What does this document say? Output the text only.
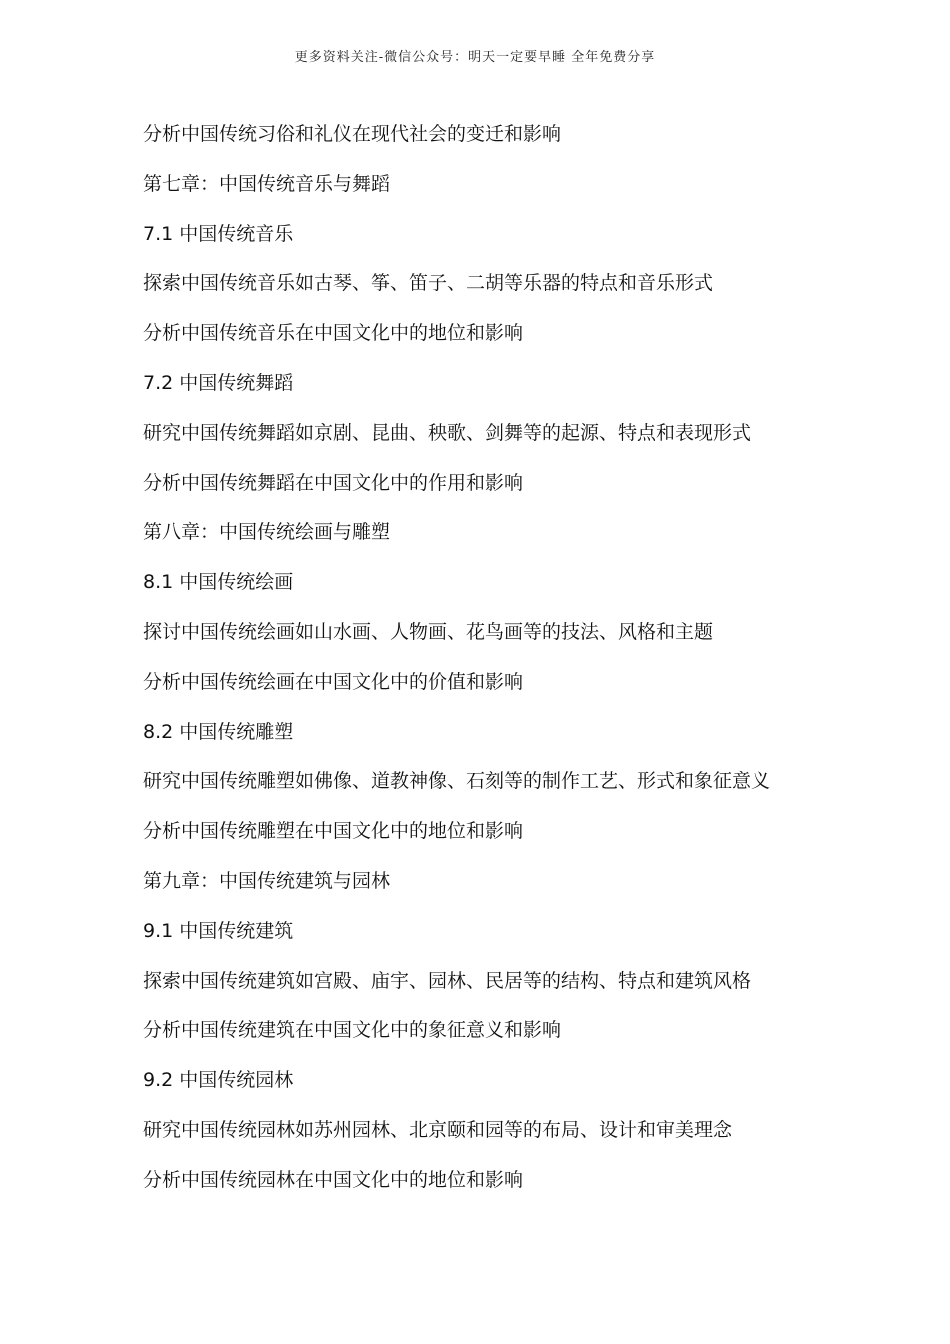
更多资料关注-微信公众号：明天一定要早睡 全年免费分享
分析中国传统习俗和礼仪在现代社会的变迁和影响
第七章：中国传统音乐与舞蹈
7.1 中国传统音乐
探索中国传统音乐如古琴、筝、笛子、二胡等乐器的特点和音乐形式
分析中国传统音乐在中国文化中的地位和影响
7.2 中国传统舞蹈
研究中国传统舞蹈如京剧、昆曲、秧歌、剑舞等的起源、特点和表现形式
分析中国传统舞蹈在中国文化中的作用和影响
第八章：中国传统绘画与雕塑
8.1 中国传统绘画
探讨中国传统绘画如山水画、人物画、花鸟画等的技法、风格和主题
分析中国传统绘画在中国文化中的价值和影响
8.2 中国传统雕塑
研究中国传统雕塑如佛像、道教神像、石刻等的制作工艺、形式和象征意义
分析中国传统雕塑在中国文化中的地位和影响
第九章：中国传统建筑与园林
9.1 中国传统建筑
探索中国传统建筑如宫殿、庙宇、园林、民居等的结构、特点和建筑风格
分析中国传统建筑在中国文化中的象征意义和影响
9.2 中国传统园林
研究中国传统园林如苏州园林、北京颐和园等的布局、设计和审美理念
分析中国传统园林在中国文化中的地位和影响
